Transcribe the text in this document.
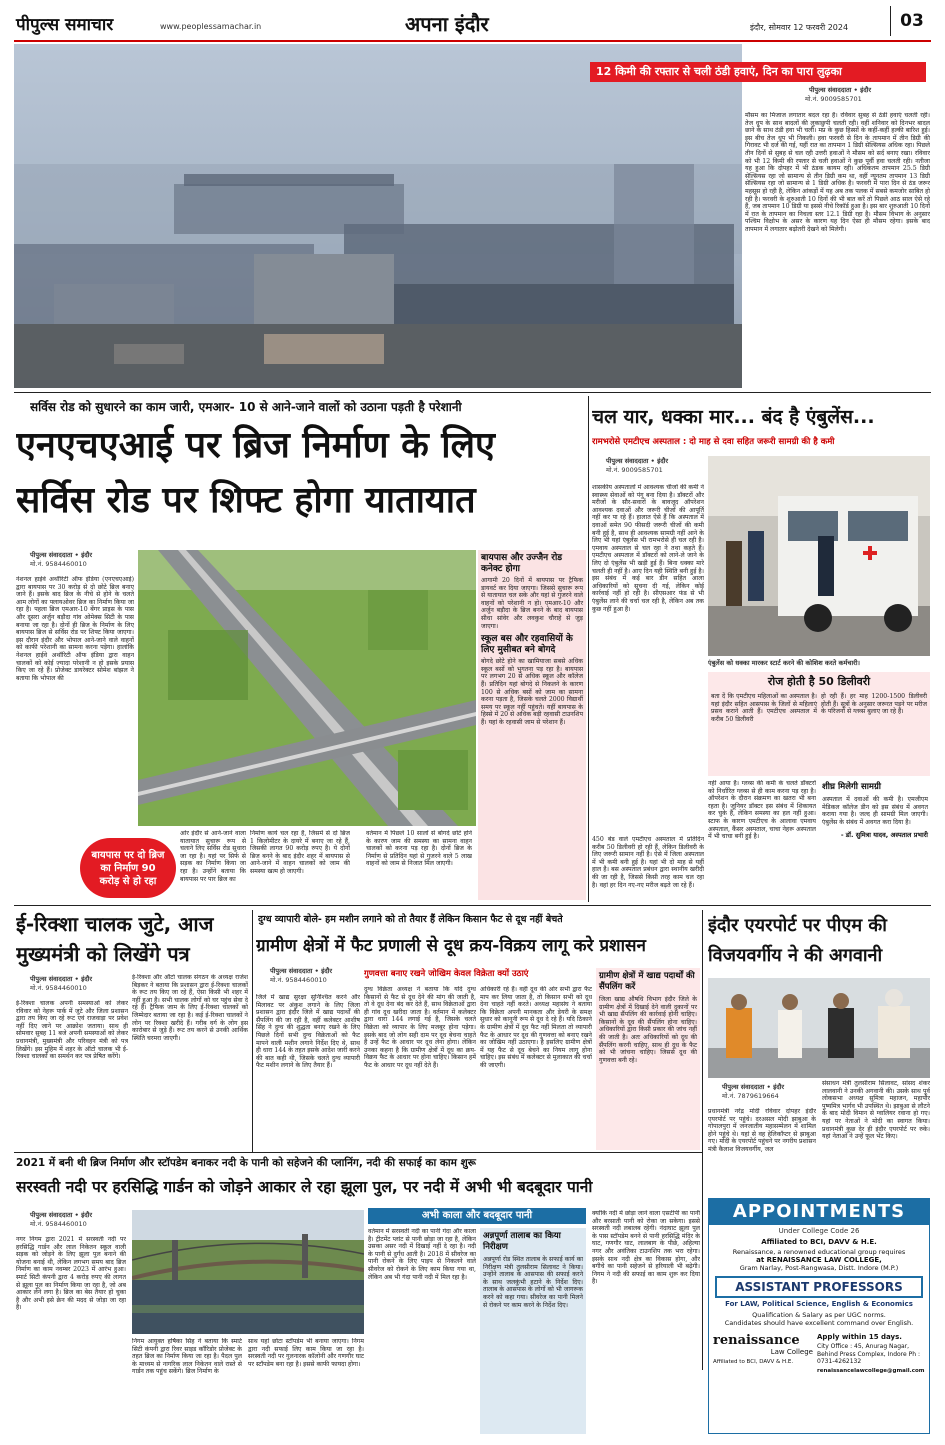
पीपुल्स समाचार	www.peoplessamachar.in	अपना इंदौर	इंदौर, सोमवार 12 फरवरी 2024	03
12 किमी की रफ्तार से चली ठंडी हवाएं, दिन का पारा लुढ़का
पीपुल्स संवाददाता • इंदौर
मो.नं. 9009585701
मौसम का मिजाज लगातार बदल रहा है। रविवार सुबह से ठंडी हवाएं चलती रहीं। तेज धूप के साथ बादलों की लुकाछुपी चलती रही। वहीं शनिवार को दिनभर बादल छाने के साथ ठंडी हवा भी चली। मप्र के कुछ हिस्सों के कहीं-कहीं हल्की बारिश हुई। इस बीच तेज धूप भी निकली। हवा फरवरी से दिन के तापमान में तीन डिग्री की गिरावट भी दर्ज की गई, यहीं रात का तापमान 1 डिग्री सेल्सियस अधिक रहा। पिछले तीन दिनों से सुबह से चल रही उत्तरी हवाओं ने मौसम को सर्द बनाए रखा। रविवार को भी 12 किमी की रफ्तार से चली हवाओं ने कुछ पूर्वी हवा चलती रही। नतीजा यह हुआ कि दोपहर में भी ठंडक कायम रही। अधिकतम तापमान 25.5 डिग्री सेल्सियस रहा जो सामान्य से तीन डिग्री कम था, वहीं न्यूनतम तापमान 13 डिग्री सेल्सियस रहा जो सामान्य से 1 डिग्री अधिक है। फरवरी में पारा दिन से ठंड जरूर महसूस हो रही है, लेकिन आंकड़ों में यह अब तक पलक में सबसे कमजोर साबित हो रही है। फरवरी के शुरुआती 10 दिनों की भी बात करें तो पिछले आठ साल ऐसे रहे हैं, जब तापमान 10 डिग्री या इससे नीचे रिकॉर्ड हुआ है। इस बार शुरुआती 10 दिनों में रात के तापमान का निचला स्तर 12.1 डिग्री रहा है। मौसम विभाग के अनुसार पश्चिम विक्षोभ के असर के कारण यह दिन ऐसा ही मौसम रहेगा। इसके बाद तापमान में लगातार बढ़ोतरी देखने को मिलेगी।
सर्विस रोड को सुधारने का काम जारी, एमआर- 10 से आने-जाने वालों को उठाना पड़ती है परेशानी
एनएचएआई पर ब्रिज निर्माण के लिए
सर्विस रोड पर शिफ्ट होगा यातायात
पीपुल्स संवाददाता • इंदौर
मो.नं. 9584460010
नेशनल हाईवे अथॉरिटी ऑफ इंडिया (एनएचएआई) द्वारा बायपास पर 30 करोड़ से दो छोटे ब्रिज बनाए जाने हैं। इसके बाद ब्रिज के नीचे से होने के चलते आम लोगों का फ्लायओवर ब्रिज का निर्माण किया जा रहा है। पहला ब्रिज एमआर-10 बेंगर प्राइस के पास और दूसरा अर्जुन बड़ौदा गांव ओमेक्स सिटी के पास बनाया जा रहा है। दोनों ही ब्रिज के निर्माण के लिए बायपास ब्रिज से सर्विस रोड पर शिफ्ट किया जाएगा। इस दौरान इंदौर और भोपाल आने-जाने वाले वाहनों को काफी परेशानी का सामना करना पड़ेगा। हालांकि नेशनल हाईवे अथॉरिटी ऑफ इंडिया द्वारा वाहन चालकों को कोई ज्यादा परेशानी न हो इसके प्रयास किए जा रहे हैं। प्रोजेक्ट डायरेक्टर सोमेश बांझल ने बताया कि भोपाल की
बायपास पर दो ब्रिज का निर्माण 90 करोड़ से हो रहा
ओर इंदौर से आने-जाने वाला यातायात सुचारू रूप से चलाने लिए सर्विस रोड सुधारा जा रहा है। यहां पर सिर्फ से सड़क का निर्माण किया जा रहा है। उन्होंने बताया कि बायपास पर पार ब्रिज का
निर्माण कार्य चल रहा है, जिसमें से दो ब्रिज 1 किलोमीटर के दायरे में बनाए जा रहे हैं, जिसकी लागत 90 करोड़ रुपए है। ये दोनों ब्रिज बनने के बाद इंदौर शहर में बायपास से आने-जाने में वाहन चालकों को जाम की समस्या खत्म हो जाएगी।
वर्तमान में पिछले 10 सालों से बोगदे छोटे होने के कारण जाम की समस्या का सामना वाहन चालकों को करना पड़ रहा है। दोनों ब्रिज के निर्माण से प्रतिदिन यहां से गुजरने वाले 5 लाख वाहनों को जाम से निजात मिल जाएगी।
बायपास और उज्जैन रोड कनेक्ट होगा
आगामी 20 दिनों में बायपास पर ट्रैफिक डायवर्ट कर दिया जाएगा। जिससे सुचारू रूप से यातायात चल सके और यहां से गुजरने वाले वाहनों को परेशानी न हो। एमआर-10 और अर्जुन बड़ौदा के ब्रिज बनने के बाद बायपास सीधा सांवेर और लवकुश चौराहे से जुड़ जाएगा।
स्कूल बस और रहवासियों के लिए मुसीबत बने बोगदे
बोगदे छोटे होने का खामियाजा सबसे अधिक स्कूल बसों को भुगतना पड़ रहा है। बायपास पर लगभग 20 से अधिक स्कूल और कॉलेज हैं। प्रतिदिन यहां बोगदे से निकलने के कारण 100 से अधिक बसों को जाम का सामना करना पड़ता है, जिसके चलते 2000 विद्यार्थी समय पर स्कूल नहीं पहुंचते। यहीं बायपास के हिस्से में 20 से अधिक बड़ी रहवासी टाउनशिप हैं। यहां के रहवासी जाम से परेशान हैं।
चल यार, धक्का मार... बंद है एंबुलेंस...
रामभरोसे एमटीएच अस्पताल : दो माह से दवा सहित जरूरी सामग्री की है कमी
पीपुल्स संवाददाता • इंदौर
मो.नं. 9009585701
शासकीय अस्पतालों में आवश्यक चीजों की कमी ने स्वास्थ्य सेवाओं को पंगु बना दिया है। डॉक्टरों और मरीजों के सौर-सवारों के बावजूद ऑपरेशन आवश्यक दवाओं और जरूरी चीजों की आपूर्ति नहीं कर पा रहे हैं। हालात ऐसे हैं कि अस्पताल में दवाओं समेत 90 फीसदी जरूरी चीजों की कमी बनी हुई है, साथ ही आवश्यक सामग्री नहीं आने के लिए भी यहां एंबुलेंस भी रामभरोसे ही चल रही है। एमवाय अस्पताल से चल रहा ने तथा कहते हैं। एमटीएच अस्पताल में डॉक्टरों को लाने-ले जाने के लिए दो एंबुलेंस भी खड़ी हुई हैं। बिना धक्का मारे चलती ही नहीं है। आए दिन यही स्थिति बनी हुई है। इस संबंध में कई बार डीन सहित आला अधिकारियों को सूचना दी गई, लेकिन कोई कार्रवाई नहीं हो रही है। सीएसआर फंड से भी एंबुलेंस लाने की चर्चा चल रही है, लेकिन अब तक कुछ नहीं हुआ है।
450 बेड वाले एमटीएच अस्पताल में प्रतिदिन करीब 50 डिलीवरी हो रही हैं, लेकिन डिलीवरी के लिए जरूरी सामान नहीं है। ऐसे में जिला अस्पताल में भी कमी बनी हुई है। यहां भी दो माह से यहीं हाल है। बस अस्पताल प्रबंधन द्वारा स्थानीय खरीदी की जा रही है, जिससे किसी तरह काम चल रहा है। वहां हर दिन नए-नए मरीज बढ़ते जा रहे हैं।
एंबुलेंस को धक्का मारकर स्टार्ट करने की कोशिश करते कर्मचारी।
रोज होती है 50 डिलीवरी
बता दें कि एमटीएच महिलाओं का अस्पताल है। यहां इंदौर सहित आसपास के जिलों से महिलाएं प्रसव कराने आती हैं। एमटीएच अस्पताल में करीब 50 डिलीवरी
हो रही हैं। हर माह 1200-1500 डिलीवरी होती हैं। सूत्रों के अनुसार जरूरत पड़ने पर मरीज के परिजनों से ग्लव्स बुलाए जा रहे हैं।
नहीं आया है। ग्लव्स की कमी के चलते डॉक्टरों को निर्धारित ग्लव्स से ही काम करना पड़ रहा है। ऑपरेशन के दौरान संक्रमण का खतरा भी बना रहता है। जूनियर डॉक्टर इस संबंध में शिकायत कर चुके हैं, लेकिन समस्या का हल नहीं हुआ। स्टाफ के कारण एमटीएच के आलावा एमवाय अस्पताल, कैंसर अस्पताल, चाचा नेहरू अस्पताल में भी चाचा बनी हुई है।
शीघ्र मिलेगी सामग्री
अस्पताल में दवाओं की कमी है। एमजीएम मेडिकल कॉलेज डीन को इस संबंध में अवगत कराया गया है। जल्द ही सामग्री मिल जाएगी। एंबुलेंस के संबंध में अवगत करा दिया है।
- डॉ. सुमित्रा यादव, अस्पताल प्रभारी
ई-रिक्शा चालक जुटे, आज
मुख्यमंत्री को लिखेंगे पत्र
पीपुल्स संवाददाता • इंदौर
मो.नं. 9584460010
ई-रिक्शा चालक अपनी समस्याओं को लेकर रविवार को नेहरू पार्क में जुटे और जिला प्रशासन द्वारा तय किए जा रहे रूट एवं राजवाड़ा पर प्रवेश नहीं दिए जाने पर आक्रोश जताया। साथ ही सोमवार सुबह 11 बजे अपनी समस्याओं को लेकर प्रधानमंत्री, मुख्यमंत्री और परिवहन मंत्री को पत्र लिखेंगे। इस मुहिम में शहर के ऑटो चालक भी ई-रिक्शा चालकों का समर्थन कर पत्र प्रेषित करेंगे।
ई-रिक्शा और ऑटो चालक संगठन के अध्यक्ष राजेश बिड़कर ने बताया कि प्रशासन द्वारा ई-रिक्शा चालकों के रूट तय किए जा रहे हैं, ऐसा किसी भी शहर में नहीं हुआ है। सभी चालक लोगों को घर पहुंच सेवा दे रहे हैं। ट्रैफिक जाम के लिए ई-रिक्शा चालकों को जिम्मेदार बताया जा रहा है। कई ई-रिक्शा चालकों ने लोन पर रिक्शा खरीदे हैं। गरीब वर्ग के लोग इस कारोबार से जुड़े हैं। रूट तय करने से उनकी आर्थिक स्थिति चरमरा जाएगी।
दुग्ध व्यापारी बोले- हम मशीन लगाने को तो तैयार हैं लेकिन किसान फैट से दूध नहीं बेचते
ग्रामीण क्षेत्रों में फैट प्रणाली से दूध क्रय-विक्रय लागू करे प्रशासन
पीपुल्स संवाददाता • इंदौर
मो.नं. 9584460010
जिले में खाद्य सुरक्षा सुनिश्चित करने और मिलावट पर अंकुश लगाने के लिए जिला प्रशासन द्वारा इंदौर जिले में खाद्य पदार्थों की सैंपलिंग की जा रही है, वहीं कलेक्टर आशीष सिंह ने दुग्ध की शुद्धता बनाए रखने के लिए पिछले दिनों सभी दुग्ध विक्रेताओं को फैट मापने वाली मशीन लगाने निर्देश दिए थे, साथ ही धारा 144 के तहत इसके आदेश जारी करने की बात कही थी, जिसके चलते दुग्ध व्यापारी फैट मशीन लगाने के लिए तैयार हैं।
गुणवत्ता बनाए रखने जोखिम केवल विक्रेता क्यों उठाएं
दुग्ध विक्रेता अध्यक्ष ने बताया कि यदि दुग्ध किसानों से फैट से दूध देने की मांग की जाती है, तो वे दूध देना बंद कर देते हैं, साथ विक्रेताओं द्वारा ही गांव दूध खरीदा जाता है। वर्तमान में कलेक्टर द्वारा धारा 144 लगाई गई है, जिसके चलते विक्रेता को व्यापार के लिए मजबूर होना पड़ेगा। इसके बाद जो लोग सही दाम पर दूध बेचना चाहते हैं उन्हें फैट के आधार पर दूध लेना होगा। लेकिन उनका कहना है कि ग्रामीण क्षेत्रों में दूध का क्रय-विक्रय फैट के आधार पर होना चाहिए। किसान हमें फैट के आधार पर दूध नहीं देते हैं।
अधिकारी रहे हैं। वहीं दूध की ओर सभी द्वारा फैट माप कर लिया जाता है, तो किसान सभी को दूध देना चाहते नहीं करते। अध्यक्ष महासंघ ने बताया कि विक्रेता अपनी मानकता और डेयरी के समक्ष सुधार को कानूनी रूप से दूध दे रहे हैं। यदि ठिकाने के ग्रामीण क्षेत्रों में दूध फैट नहीं मिलता तो व्यापारी फैट के आधार पर दूध की गुणवत्ता को बनाए रखने का जोखिम नहीं उठाएगा। है इसलिए ग्रामीण क्षेत्रों में यह फैट से दूध बेचने का नियम लागू होना चाहिए। इस संबंध में कलेक्टर से मुलाकात की चर्चा की जाएगी।
ग्रामीण क्षेत्रों में खाद्य पदार्थों की सैंपलिंग करें
जिला खाद्य औषधि विभाग इंदौर जिले के ग्रामीण क्षेत्रों में दिखाई देने वाली दुकानों पर भी खाद्य सैंपलिंग की कार्रवाई होनी चाहिए। किसानों के दूध की सैंपलिंग होना चाहिए। अधिकारियों द्वारा किसी प्रकार की जांच नहीं की जाती है। अतः अधिकारियों को दूध की सैंपलिंग करनी चाहिए, साथ ही दूध के फैट को भी जांचना चाहिए। जिससे दूध की गुणवत्ता बनी रहे।
इंदौर एयरपोर्ट पर पीएम की
विजयवर्गीय ने की अगवानी
पीपुल्स संवाददाता • इंदौर
मो.नं. 7879619664
प्रधानमंत्री नरेंद्र मोदी रविवार दोपहर इंदौर एयरपोर्ट पर पहुंचे। दरअसल मोदी झाबुआ के गोपालपुरा में जनजातीय महासम्मेलन में शामिल होने पहुंचे थे। यहां से वह हेलिकॉप्टर से झाबुआ गए। मोदी के एयरपोर्ट पहुंचने पर नगरीय प्रशासन मंत्री कैलाश विजयवर्गीय, जल
संसाधन मंत्री तुलसीराम सिलावट, सांसद शंकर लालवानी ने उनकी अगवानी की। उसके साथ पूर्व लोकसभा अध्यक्ष सुमित्रा महाजन, महापौर पुष्यमित्र भार्गव भी उपस्थित थे। झाबुआ से लौटने के बाद मोदी विमान से ग्वालियर रवाना हो गए। यहां पर नेताओं ने मोदी का स्वागत किया। प्रधानमंत्री कुछ देर ही इंदौर एयरपोर्ट पर रुके। यहां नेताओं ने उन्हें फूल भेंट किए।
2021 में बनी थी ब्रिज निर्माण और स्टॉपडेम बनाकर नदी के पानी को सहेजने की प्लानिंग, नदी की सफाई का काम शुरू
सरस्वती नदी पर हरसिद्धि गार्डन को जोड़ने आकार ले रहा झूला पुल, पर नदी में अभी भी बदबूदार पानी
पीपुल्स संवाददाता • इंदौर
मो.नं. 9584460010
नगर निगम द्वारा 2021 में सरस्वती नदी पर हरसिद्धि गार्डन और लाल निकेतन स्कूल वाली सड़क को जोड़ने के लिए झूला पुल बनाने की योजना बनाई थी, लेकिन लगभग समय बाद ब्रिज निर्माण का काम नवम्बर 2023 में आरंभ हुआ। स्मार्ट सिटी कंपनी द्वारा 4 करोड़ रुपए की लागत से झूला पुल का निर्माण किया जा रहा है, जो अब आकार लेने लगा है। ब्रिज का बेस तैयार हो चुका है और अभी इसे क्रेन की मदद से जोड़ा जा रहा है।
निगम आयुक्त हर्षिका सिंह ने बताया कि स्मार्ट सिटी कंपनी द्वारा रिवर साइड कॉरिडोर प्रोजेक्ट के तहत ब्रिज का निर्माण किया जा रहा है। पैदल पुल के माध्यम से नागरिक लाल निकेतन वाले रास्ते से गार्डन तक पहुंच सकेंगे। ब्रिज निर्माण के
साथ यहां छोटा स्टॉपडेम भी बनाया जाएगा। निगम द्वारा नदी सफाई लिए काम किया जा रहा है। सरस्वती नदी पर गुलनारक कॉलोनी और गणगौर घाट पर स्टॉपडेम बना रहा है। इससे काफी फायदा होगा।
अभी काला और बदबूदार पानी
वर्तमान में सरस्वती नदी का पानी गंदा और काला है। ट्रीटमेंट प्लांट से पानी छोड़ा जा रहा है, लेकिन उसका असर नदी में दिखाई नहीं दे रहा है। नदी के पानी से दुर्गंध आती है। 2018 में सीवरेज का पानी रोकने के लिए पाइप से निकलने वाले सीवरेज को रोकने के लिए काम किया गया था, लेकिन अब भी गंदा पानी नदी में मिल रहा है।
अन्नपूर्णा तालाब का किया निरीक्षण
अन्नपूर्णा रोड स्थित तालाब के सफाई कार्य का निरीक्षण मंत्री तुलसीराम सिलावट ने किया। उन्होंने तालाब के आसपास की सफाई करने के साथ जलकुंभी हटाने के निर्देश दिए। तालाब के आसपास के लोगों को भी जागरूक करने को कहा गया। सीवरेज का पानी मिलने से रोकने पर काम करने के निर्देश दिए।
क्योंकि नदी में छोड़ा जाने वाला एसटीपी का पानी और बरसाती पानी को रोका जा सकेगा। इससे सरस्वती नदी लबालब रहेगी। नंदाघाट झूला पुल के पास स्टॉपडेम बनने से पानी हरसिद्धि मंदिर के घाट, गणगौर घाट, लालबाग के पीछे, अहिल्या नगर और अवंतिका टाउनशिप तक भरा रहेगा। इसके साथ नदी क्षेत्र का विकास होगा, और बगीचे का पानी सहेजने से हरियाली भी बढ़ेगी। निगम ने नदी की सफाई का काम शुरू कर दिया है।
APPOINTMENTS
Under College Code 26
Affiliated to BCI, DAVV & H.E.
Renaissance, a renowned educational group requires
at RENAISSANCE LAW COLLEGE,
Gram Narlay, Post-Rangwasa, Distt. Indore (M.P.)
ASSISTANT PROFESSORS
For LAW, Political Science, English & Economics
Qualification & Salary as per UGC norms.
Candidates should have excellent command over English.
renaissance
Law College
Affiliated to BCI, DAVV & H.E.
Apply within 15 days.
City Office : 45, Anurag Nagar, Behind Press Complex, Indore Ph : 0731-4262132
renaissancelawcollege@gmail.com
